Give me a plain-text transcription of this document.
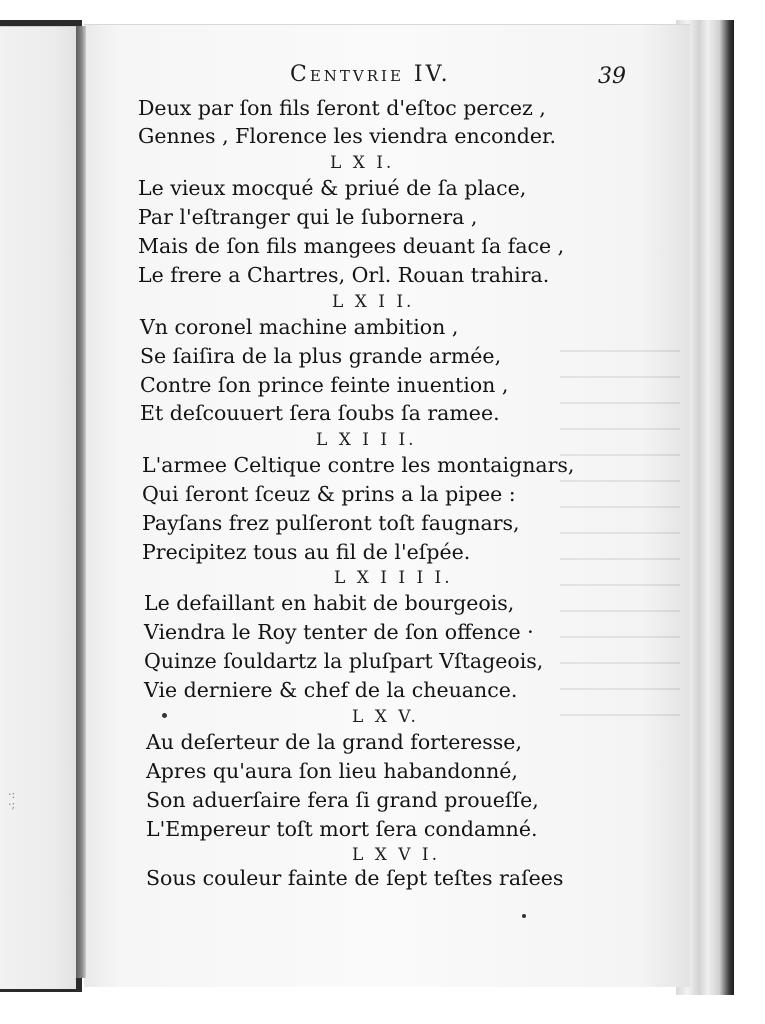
·:
·;
Centvrie IV.	39
Deux par ſon fils ſeront d'eſtoc percez ,
Gennes , Florence les viendra enconder.
L X I.
Le vieux mocqué & priué de ſa place,
Par l'eſtranger qui le ſubornera ,
Mais de ſon fils mangees deuant ſa face ,
Le frere a Chartres, Orl. Rouan trahira.
L X I I.
Vn coronel machine ambition ,
Se ſaiſira de la plus grande armée,
Contre ſon prince feinte inuention ,
Et deſcouuert ſera ſoubs ſa ramee.
L X I I I.
L'armee Celtique contre les montaignars,
Qui ſeront ſceuz & prins a la pipee :
Payſans frez pulſeront toſt faugnars,
Precipitez tous au fil de l'eſpée.
L X I I I I.
Le defaillant en habit de bourgeois,
Viendra le Roy tenter de ſon offence ·
Quinze ſouldartz la pluſpart Vſtageois,
Vie derniere & chef de la cheuance.
L X V.
Au deſerteur de la grand forteresse,
Apres qu'aura ſon lieu habandonné,
Son aduerſaire fera ſi grand proueſſe,
L'Empereur toſt mort ſera condamné.
L X V I.
Sous couleur fainte de ſept teſtes raſees
